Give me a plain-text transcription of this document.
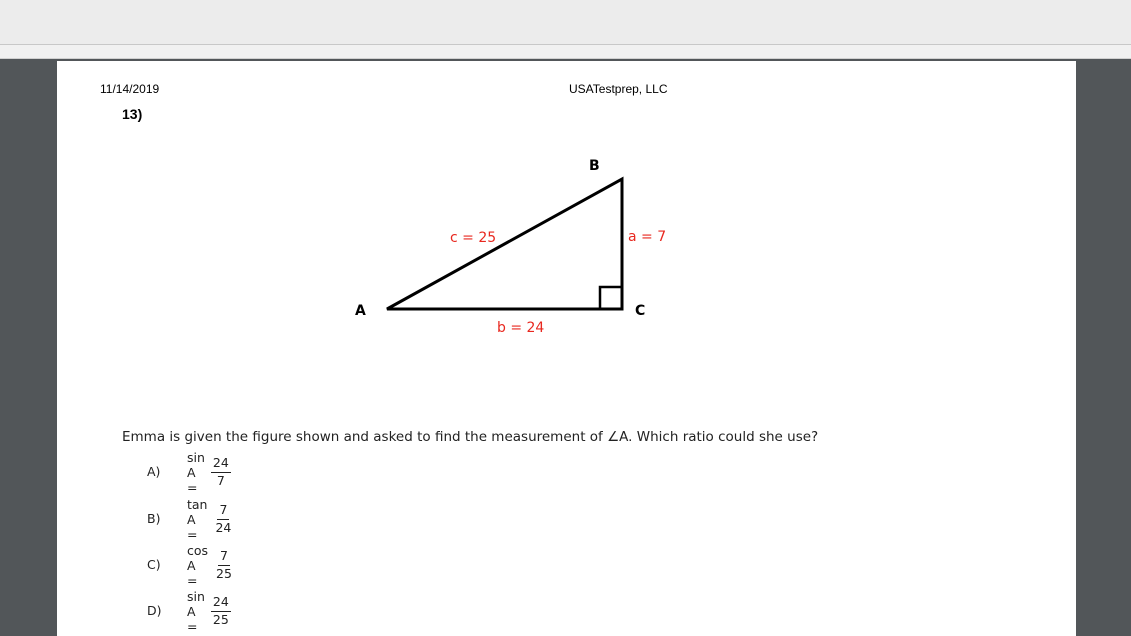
11/14/2019	USATestprep, LLC
13)
A
B
C
c = 25	a = 7
b = 24
Emma is given the figure shown and asked to find the measurement of ∠A. Which ratio could she use?
A)
sin A =	$\frac{24}{7}$
B)
tan A =	$\frac{7}{24}$
C)
cos A =	$\frac{7}{25}$
D)
sin A =	$\frac{24}{25}$
